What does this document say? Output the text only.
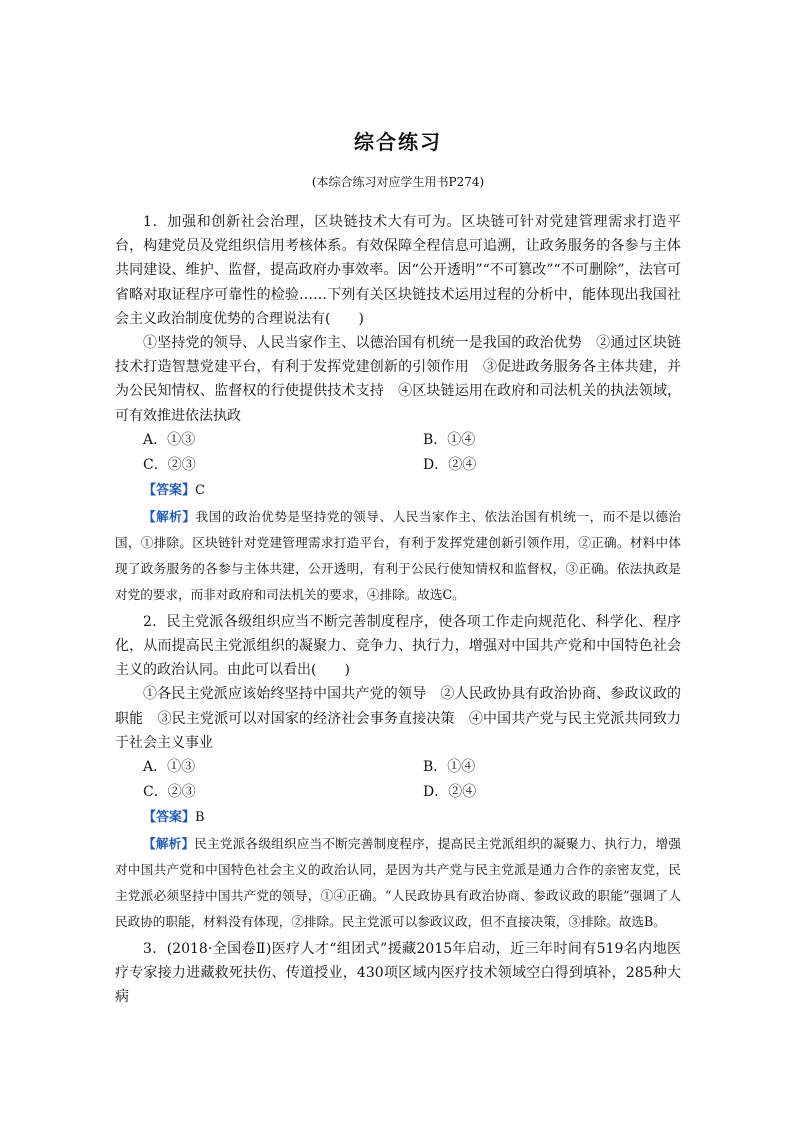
综合练习
(本综合练习对应学生用书P274)

1．加强和创新社会治理，区块链技术大有可为。区块链可针对党建管理需求打造平台，构建党员及党组织信用考核体系。有效保障全程信息可追溯，让政务服务的各参与主体共同建设、维护、监督，提高政府办事效率。因“公开透明”“不可篡改”“不可删除”，法官可省略对取证程序可靠性的检验……下列有关区块链技术运用过程的分析中，能体现出我国社会主义政治制度优势的合理说法有(　　)

①坚持党的领导、人民当家作主、以德治国有机统一是我国的政治优势　②通过区块链技术打造智慧党建平台，有利于发挥党建创新的引领作用　③促进政务服务各主体共建，并为公民知情权、监督权的行使提供技术支持　④区块链运用在政府和司法机关的执法领域，可有效推进依法执政

A．①③	B．①④
C．②③	D．②④
【答案】C

【解析】我国的政治优势是坚持党的领导、人民当家作主、依法治国有机统一，而不是以德治国，①排除。区块链针对党建管理需求打造平台，有利于发挥党建创新引领作用，②正确。材料中体现了政务服务的各参与主体共建，公开透明，有利于公民行使知情权和监督权，③正确。依法执政是对党的要求，而非对政府和司法机关的要求，④排除。故选C。

2．民主党派各级组织应当不断完善制度程序，使各项工作走向规范化、科学化、程序化，从而提高民主党派组织的凝聚力、竞争力、执行力，增强对中国共产党和中国特色社会主义的政治认同。由此可以看出(　　)

①各民主党派应该始终坚持中国共产党的领导　②人民政协具有政治协商、参政议政的职能　③民主党派可以对国家的经济社会事务直接决策　④中国共产党与民主党派共同致力于社会主义事业

A．①③	B．①④
C．②③	D．②④
【答案】B

【解析】民主党派各级组织应当不断完善制度程序，提高民主党派组织的凝聚力、执行力，增强对中国共产党和中国特色社会主义的政治认同，是因为共产党与民主党派是通力合作的亲密友党，民主党派必须坚持中国共产党的领导，①④正确。“人民政协具有政治协商、参政议政的职能”强调了人民政协的职能，材料没有体现，②排除。民主党派可以参政议政，但不直接决策，③排除。故选B。

3．(2018·全国卷Ⅱ)医疗人才“组团式”援藏2015年启动，近三年时间有519名内地医疗专家接力进藏救死扶伤、传道授业，430项区域内医疗技术领域空白得到填补，285种大病
